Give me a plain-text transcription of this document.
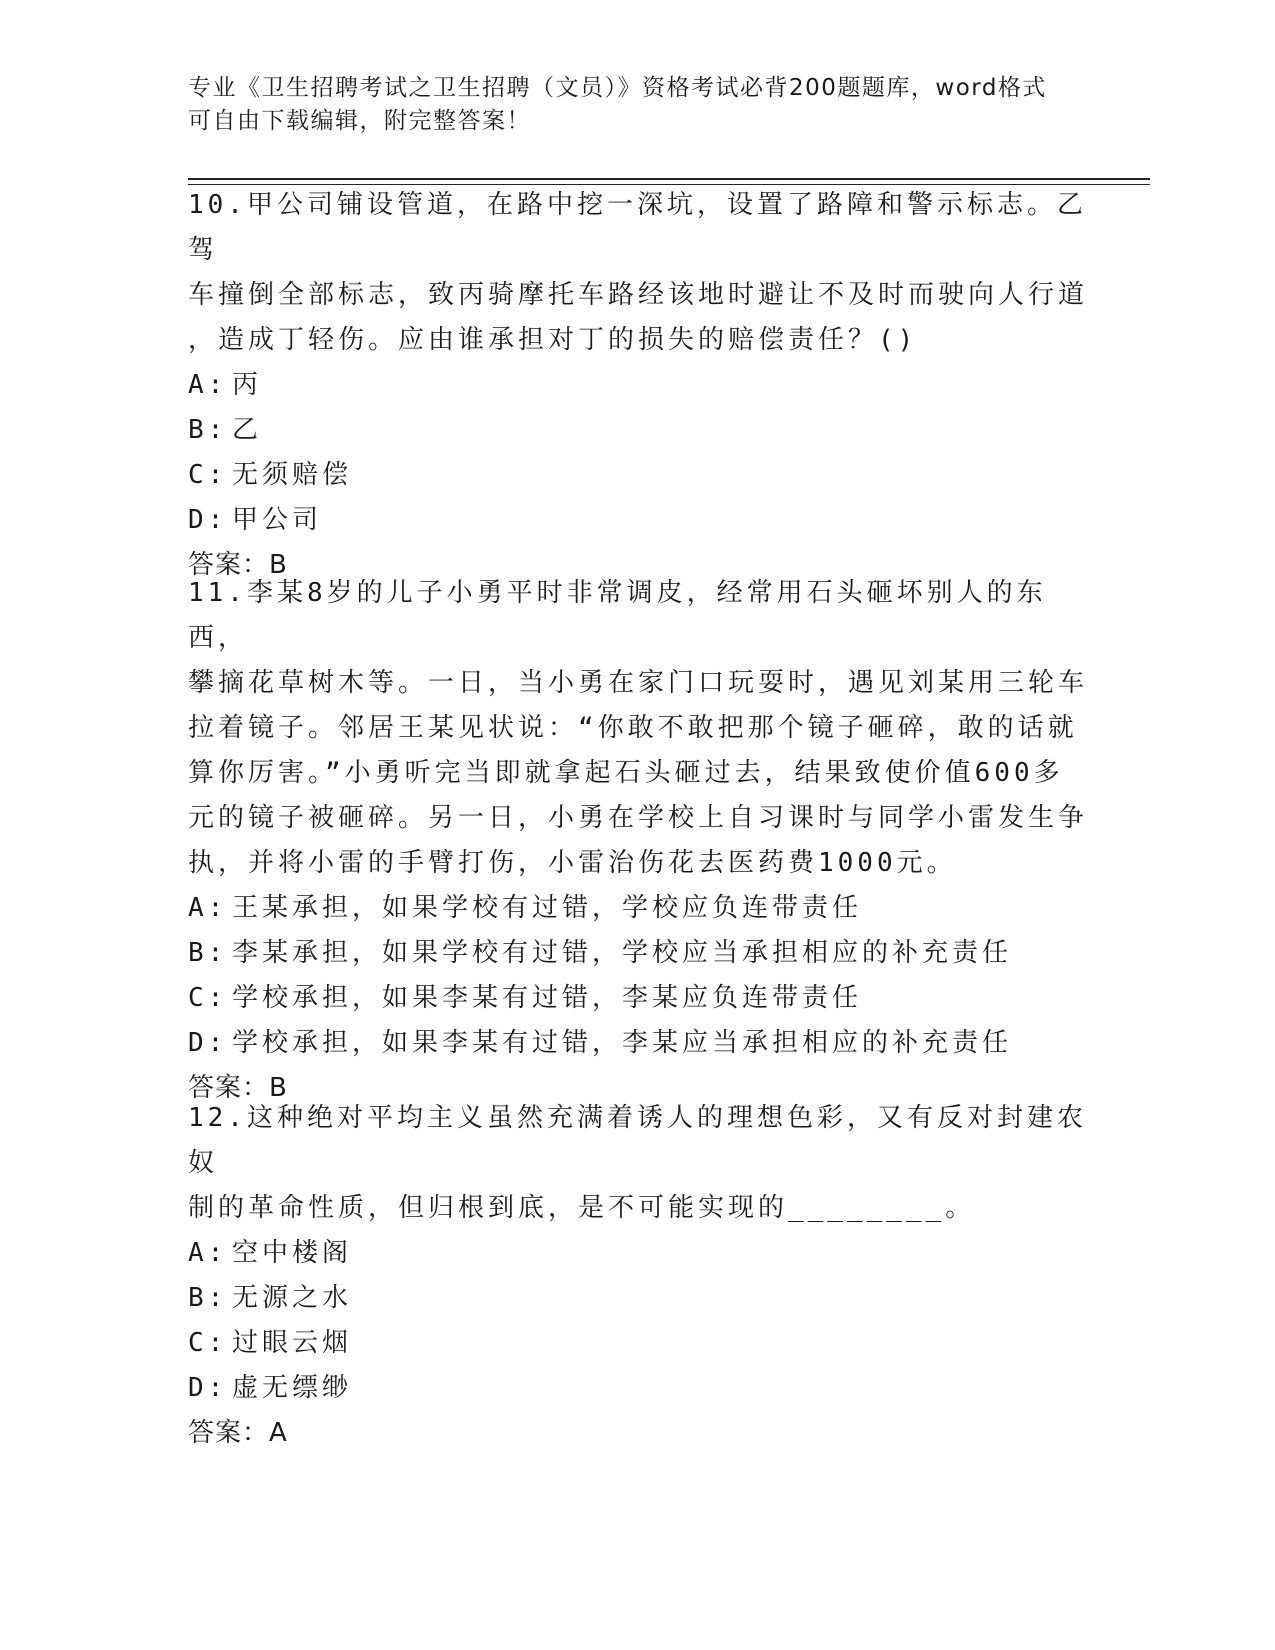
专业《卫生招聘考试之卫生招聘（文员）》资格考试必背200题题库，word格式
可自由下载编辑，附完整答案！

10.甲公司铺设管道，在路中挖一深坑，设置了路障和警示标志。乙驾

车撞倒全部标志，致丙骑摩托车路经该地时避让不及时而驶向人行道

，造成丁轻伤。应由谁承担对丁的损失的赔偿责任？()

A: 丙

B: 乙

C: 无须赔偿

D: 甲公司

答案：B

11.李某8岁的儿子小勇平时非常调皮，经常用石头砸坏别人的东西，

攀摘花草树木等。一日，当小勇在家门口玩耍时，遇见刘某用三轮车

拉着镜子。邻居王某见状说：“你敢不敢把那个镜子砸碎，敢的话就

算你厉害。”小勇听完当即就拿起石头砸过去，结果致使价值600多

元的镜子被砸碎。另一日，小勇在学校上自习课时与同学小雷发生争

执，并将小雷的手臂打伤，小雷治伤花去医药费1000元。

A: 王某承担，如果学校有过错，学校应负连带责任

B: 李某承担，如果学校有过错，学校应当承担相应的补充责任

C: 学校承担，如果李某有过错，李某应负连带责任

D: 学校承担，如果李某有过错，李某应当承担相应的补充责任

答案：B

12.这种绝对平均主义虽然充满着诱人的理想色彩，又有反对封建农奴

制的革命性质，但归根到底，是不可能实现的________。

A: 空中楼阁

B: 无源之水

C: 过眼云烟

D: 虚无缥缈

答案：A
